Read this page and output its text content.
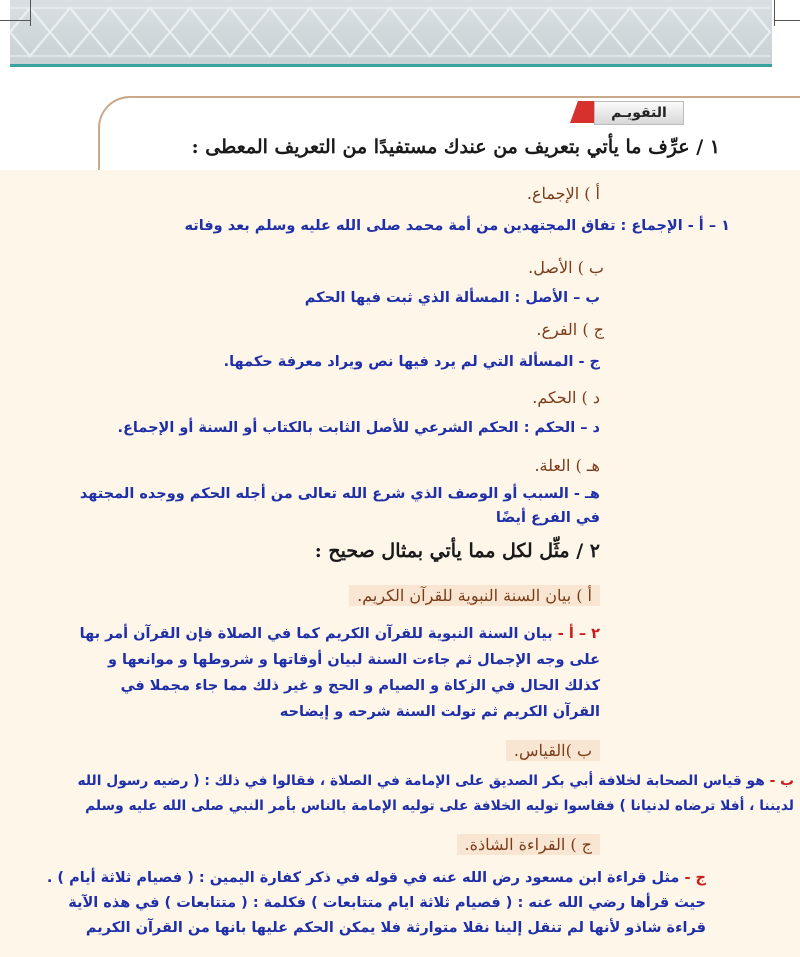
التقويـم
١ / عرِّف ما يأتي بتعريف من عندك مستفيدًا من التعريف المعطى :
أ ) الإجماع.
١ – أ - الإجماع : تفاق المجتهدين من أمة محمد صلى الله عليه وسلم بعد وفاته
ب ) الأصل.
ب – الأصل : المسألة الذي ثبت فيها الحكم
ج ) الفرع.
ج - المسألة التي لم يرد فيها نص ويراد معرفة حكمها.
د ) الحكم.
د – الحكم : الحكم الشرعي للأصل الثابت بالكتاب أو السنة أو الإجماع.
هـ ) العلة.
هـ - السبب أو الوصف الذي شرع الله تعالى من أجله الحكم ووجده المجتهد
في الفرع أيضًا
٢ / مثِّل لكل مما يأتي بمثال صحيح :
أ ) بيان السنة النبوية للقرآن الكريم.
٢ – أ - بيان السنة النبوية للقرآن الكريم كما في الصلاة فإن القرآن أمر بها
على وجه الإجمال ثم جاءت السنة لبيان أوقاتها و شروطها و موانعها و
كذلك الحال في الزكاة و الصيام و الحج و غير ذلك مما جاء مجملا في
القرآن الكريم ثم تولت السنة شرحه و إيضاحه
ب )القياس.
ب - هو قياس الصحابة لخلافة أبي بكر الصديق على الإمامة في الصلاة ، فقالوا في ذلك : ( رضيه رسول الله
لديننا ، أفلا ترضاه لدنيانا ) فقاسوا توليه الخلافة على توليه الإمامة بالناس بأمر النبي صلى الله عليه وسلم
ج ) القراءة الشاذة.
ج - مثل قراءة ابن مسعود رض الله عنه في قوله في ذكر كفارة اليمين : ( فصيام ثلاثة أيام ) .
حيث قرأها رضي الله عنه : ( فصيام ثلاثة ايام متتابعات ) فكلمة : ( متتابعات ) في هذه الآية
قراءة شاذو لأنها لم تنقل إلينا نقلا متوارثة فلا يمكن الحكم عليها بانها من القرآن الكريم
